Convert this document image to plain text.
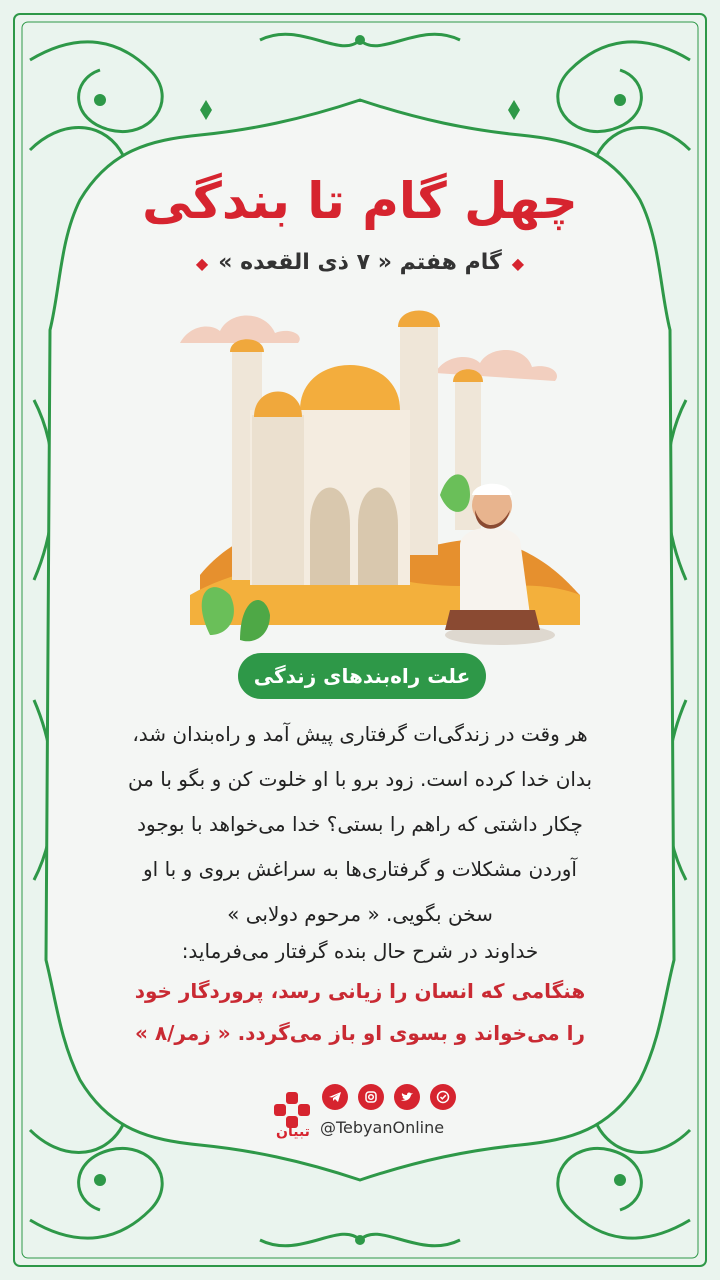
چهل گام تا بندگی
◆گام هفتم « ۷ ذی القعده »◆
علت راه‌بندهای زندگی
هر وقت در زندگی‌ات گرفتاری پیش آمد و راه‌بندان شد،
بدان خدا کرده است. زود برو با او خلوت کن و بگو با من
چکار داشتی که راهم را بستی؟ خدا می‌خواهد با بوجود
آوردن مشکلات و گرفتاری‌ها به سراغش بروی و با او
سخن بگویی. « مرحوم دولابی »
خداوند در شرح حال بنده گرفتار می‌فرماید:
هنگامی که انسان را زیانی رسد، پروردگار خود
را می‌خواند و بسوی او باز می‌گردد. « زمر/۸ »
تبیان @TebyanOnline
